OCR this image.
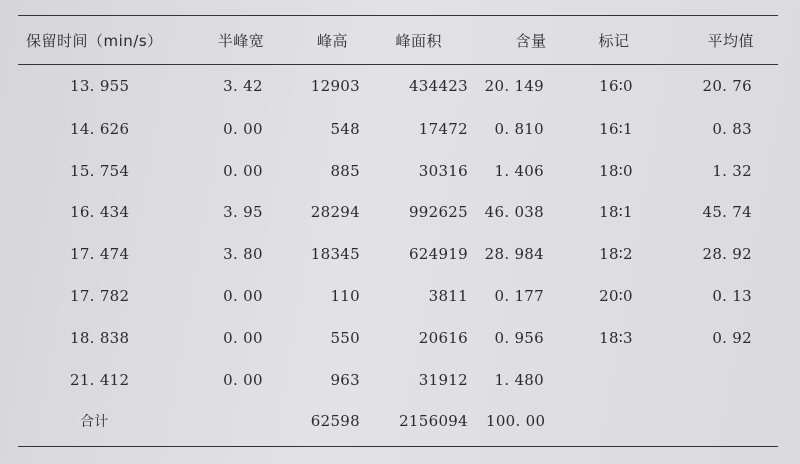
保留时间（min/s）	半峰宽	峰高	峰面积	含量	标记	平均值
13. 955	3. 42	12903	434423	20. 149	16∶0	20. 76
14. 626	0. 00	548	17472	0. 810	16∶1	0. 83
15. 754	0. 00	885	30316	1. 406	18∶0	1. 32
16. 434	3. 95	28294	992625	46. 038	18∶1	45. 74
17. 474	3. 80	18345	624919	28. 984	18∶2	28. 92
17. 782	0. 00	110	3811	0. 177	20∶0	0. 13
18. 838	0. 00	550	20616	0. 956	18∶3	0. 92
21. 412	0. 00	963	31912	1. 480		
合计		62598	2156094	100. 00		
